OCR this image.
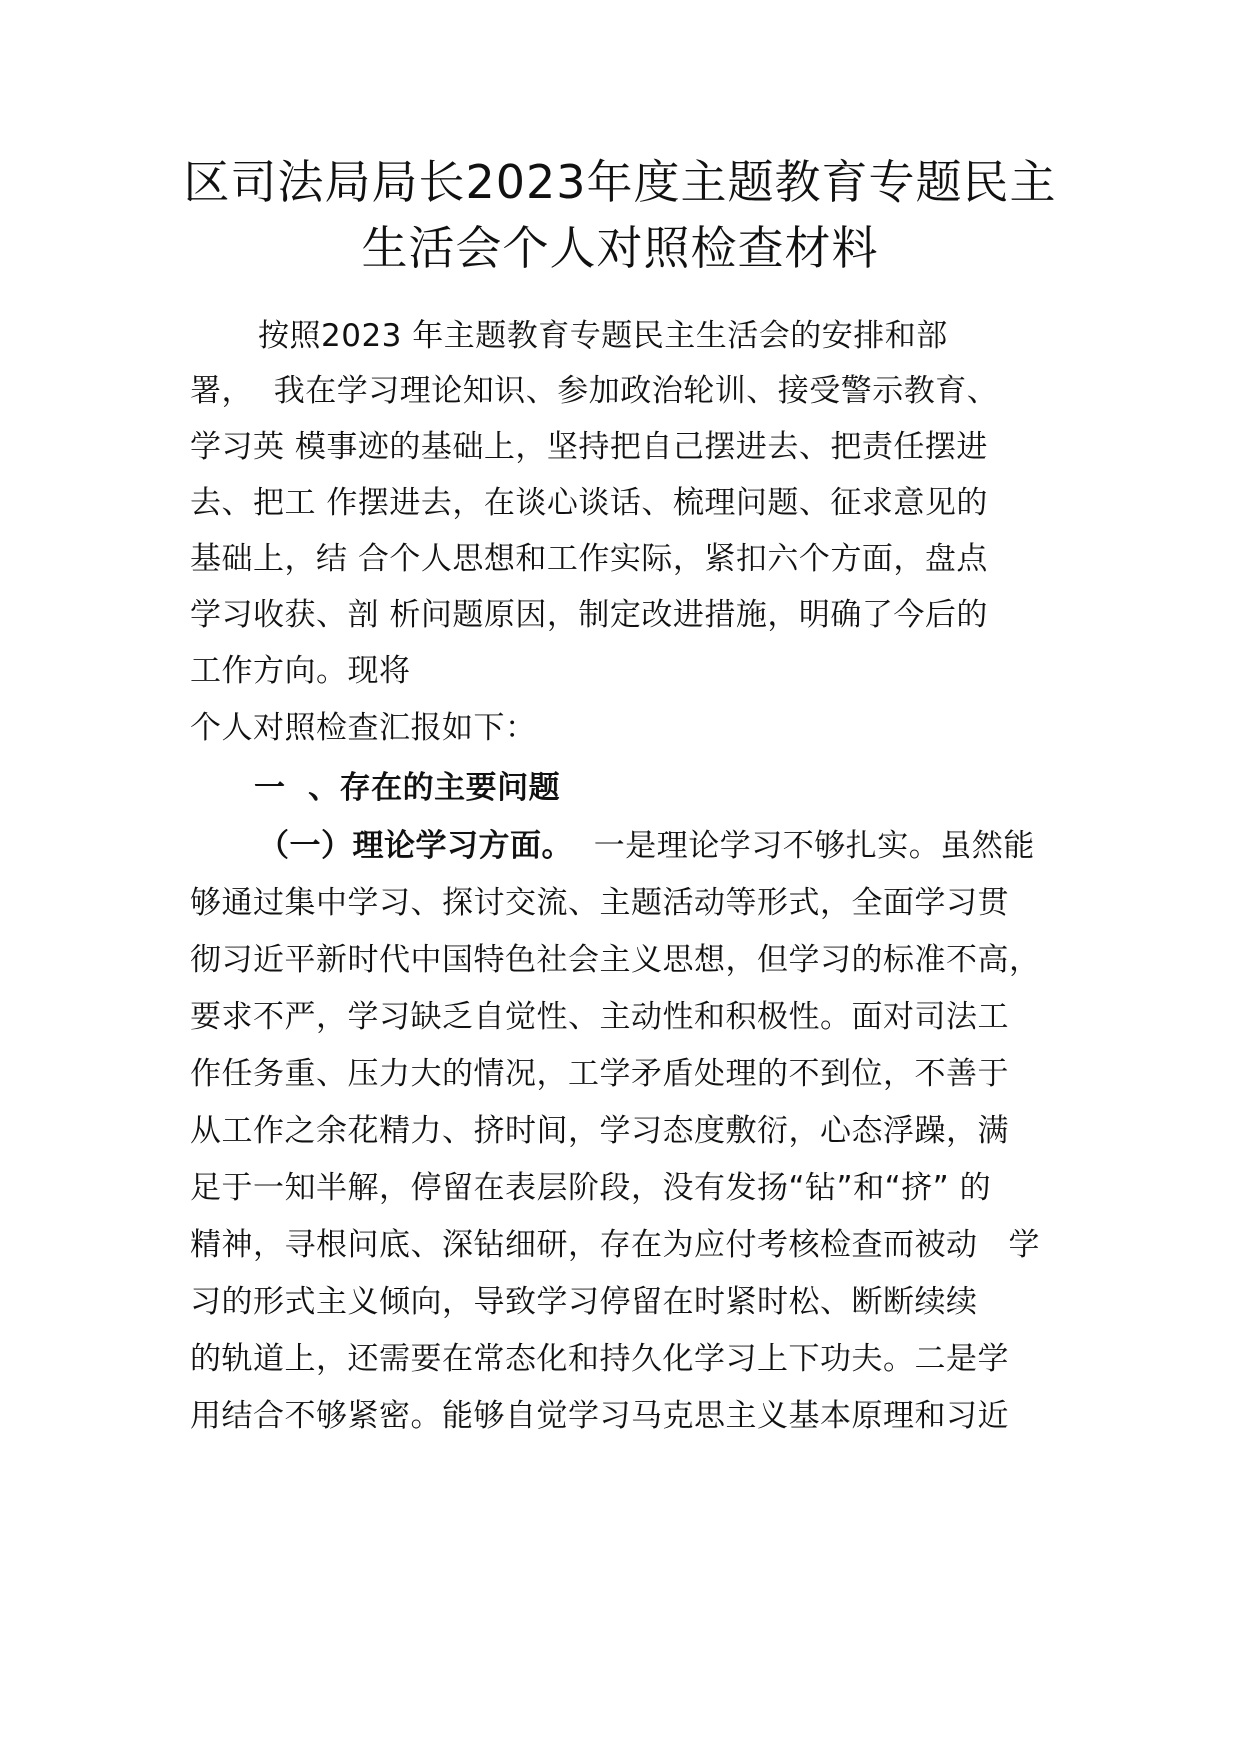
区司法局局长2023年度主题教育专题民主
生活会个人对照检查材料
按照2023 年主题教育专题民主生活会的安排和部
署，  我在学习理论知识、参加政治轮训、接受警示教育、
学习英 模事迹的基础上，坚持把自己摆进去、把责任摆进
去、把工 作摆进去，在谈心谈话、梳理问题、征求意见的
基础上，结 合个人思想和工作实际，紧扣六个方面，盘点
学习收获、剖 析问题原因，制定改进措施，明确了今后的
工作方向。现将
个人对照检查汇报如下：
一  、存在的主要问题
（一）理论学习方面。  一是理论学习不够扎实。虽然能
够通过集中学习、探讨交流、主题活动等形式，全面学习贯
彻习近平新时代中国特色社会主义思想，但学习的标准不高，
要求不严，学习缺乏自觉性、主动性和积极性。面对司法工
作任务重、压力大的情况，工学矛盾处理的不到位，不善于
从工作之余花精力、挤时间，学习态度敷衍，心态浮躁，满
足于一知半解，停留在表层阶段，没有发扬“钻”和“挤” 的
精神，寻根问底、深钻细研，存在为应付考核检查而被动   学
习的形式主义倾向，导致学习停留在时紧时松、断断续续
的轨道上，还需要在常态化和持久化学习上下功夫。二是学
用结合不够紧密。能够自觉学习马克思主义基本原理和习近
